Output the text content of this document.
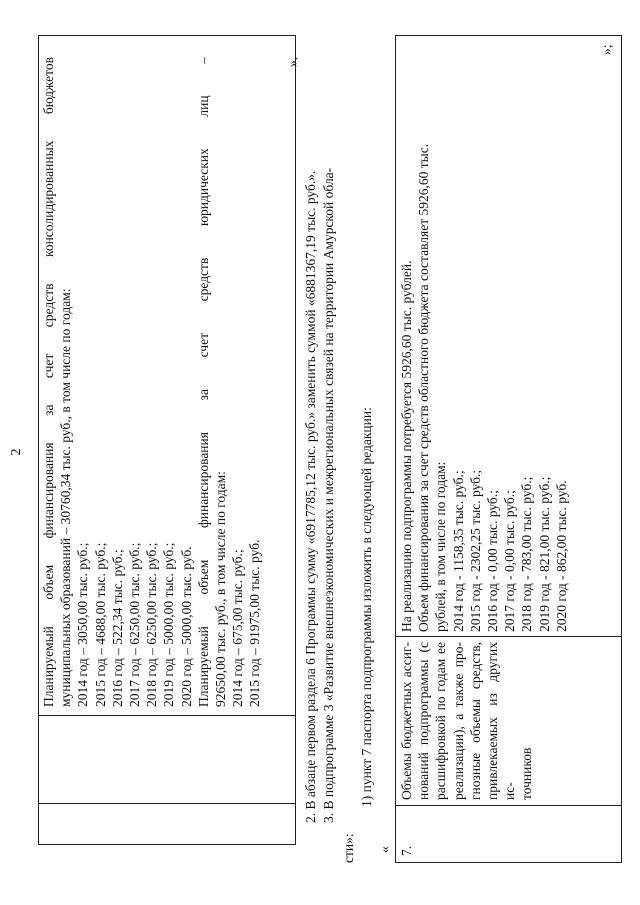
2 Планируемый объем финансирования за счет средств консолидированных бюджетов муниципальных образований – 30760,34 тыс. руб., в том числе по годам: 2014 год – 3050,00 тыс. руб.; 2015 год – 4688,00 тыс. руб.; 2016 год – 522,34 тыс. руб.; 2017 год – 6250,00 тыс. руб.; 2018 год – 6250,00 тыс. руб.; 2019 год – 5000,00 тыс. руб.; 2020 год – 5000,00 тыс. руб. Планируемый объем финансирования за счет средств юридических лиц – 92650,00 тыс. руб., в том числе по годам: 2014 год – 675,00 тыс. руб.; 2015 год – 91975,00 тыс. руб.
».
2. В абзаце первом раздела 6 Программы сумму «6917785,12 тыс. руб.» заменить суммой «6881367,19 тыс. руб.». 3. В подпрограмме 3 «Развитие внешнеэкономических и межрегиональных связей на территории Амурской обла-
сти»:
1) пункт 7 паспорта подпрограммы изложить в следующей редакции:
« 7.
Объемы бюджетных ассиг- нований подпрограммы (с расшифровкой по годам ее реализации), а также про- гнозные объемы средств, привлекаемых из других ис- точников
На реализацию подпрограммы потребуется 5926,60 тыс. рублей. Объем финансирования за счет средств областного бюджета составляет 5926,60 тыс. рублей, в том числе по годам: 2014 год - 1158,35 тыс. руб.; 2015 год - 2302,25 тыс. руб.; 2016 год - 0,00 тыс. руб.; 2017 год - 0,00 тыс. руб.; 2018 год - 783,00 тыс. руб.; 2019 год - 821,00 тыс. руб.; 2020 год - 862,00 тыс. руб.
»;
